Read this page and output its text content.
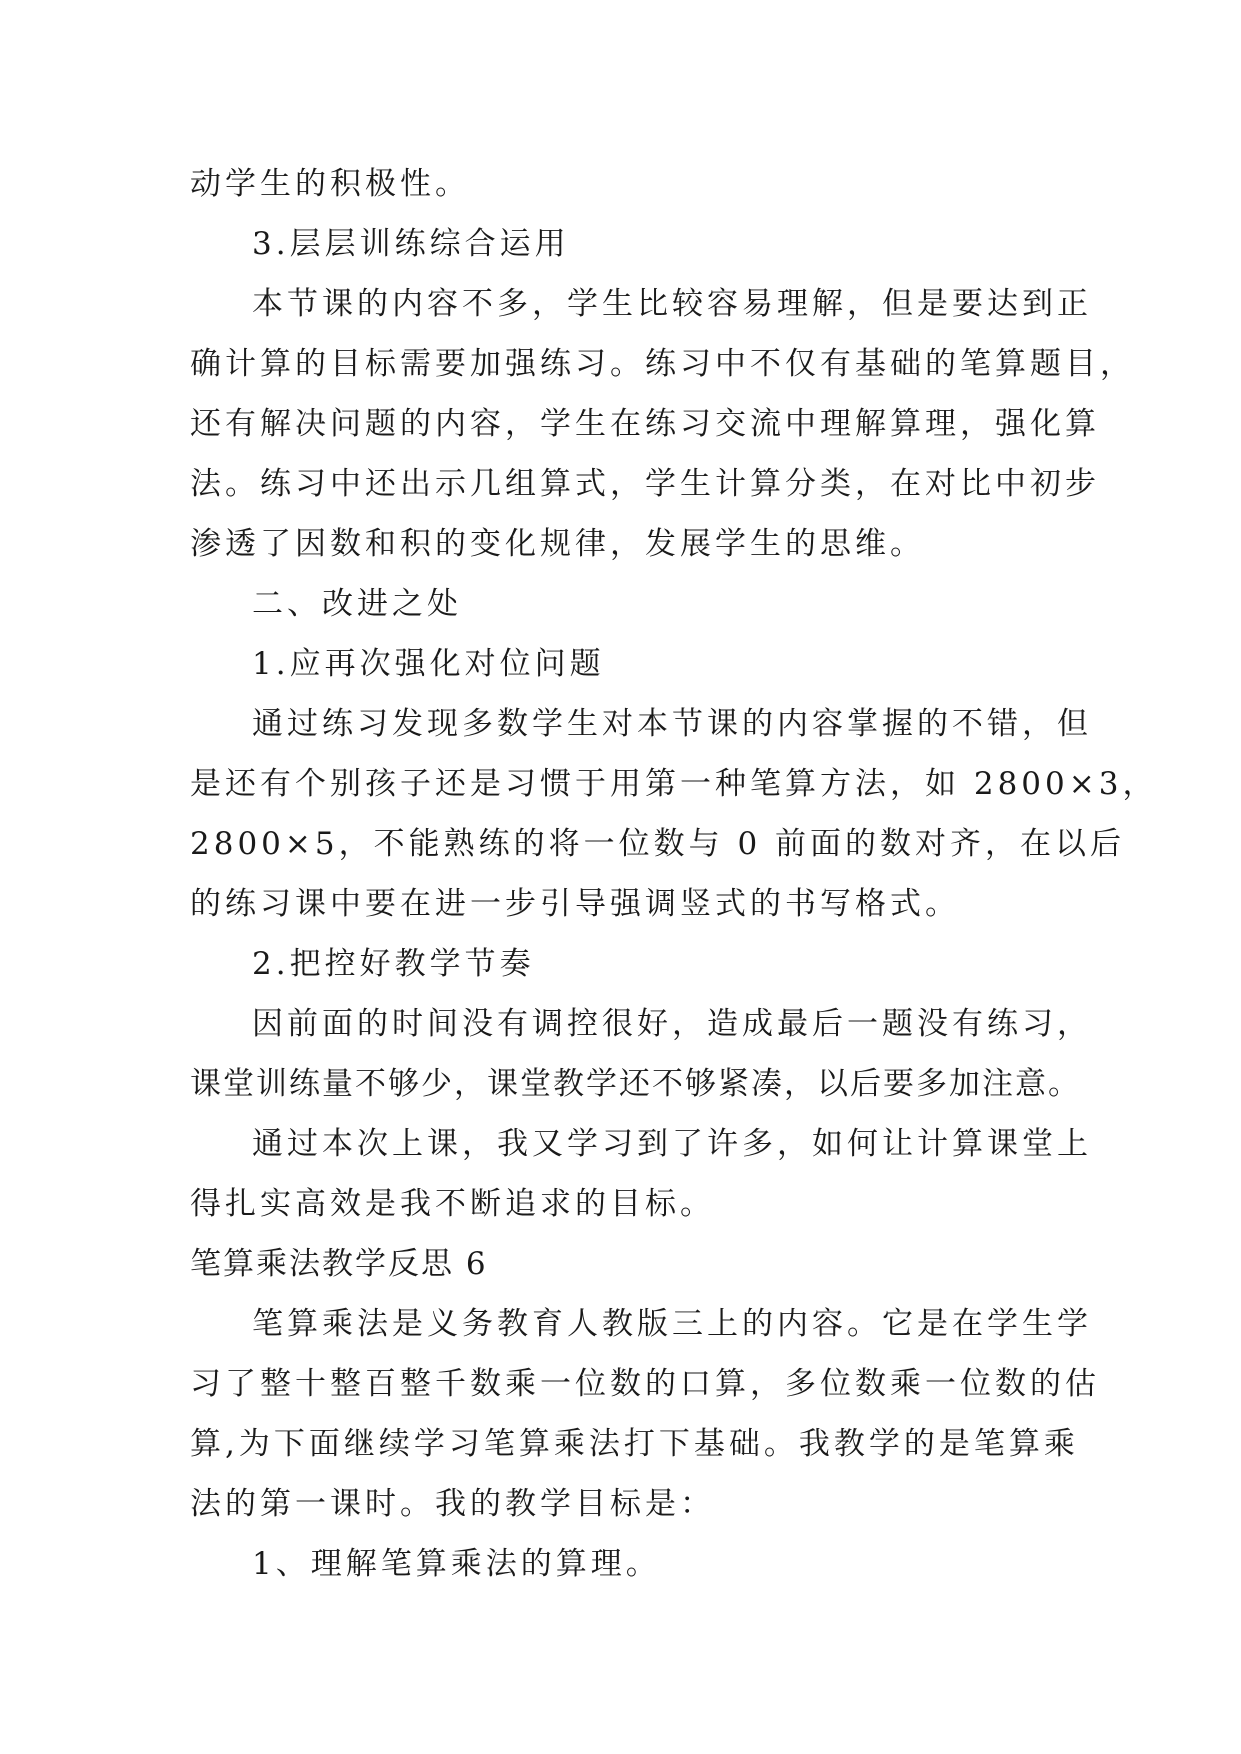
动学生的积极性。
3.层层训练综合运用
本节课的内容不多，学生比较容易理解，但是要达到正
确计算的目标需要加强练习。练习中不仅有基础的笔算题目，
还有解决问题的内容，学生在练习交流中理解算理，强化算
法。练习中还出示几组算式，学生计算分类，在对比中初步
渗透了因数和积的变化规律，发展学生的思维。
二、改进之处
1.应再次强化对位问题
通过练习发现多数学生对本节课的内容掌握的不错，但
是还有个别孩子还是习惯于用第一种笔算方法，如 2800×3，
2800×5，不能熟练的将一位数与 0 前面的数对齐，在以后
的练习课中要在进一步引导强调竖式的书写格式。
2.把控好教学节奏
因前面的时间没有调控很好，造成最后一题没有练习，
课堂训练量不够少，课堂教学还不够紧凑，以后要多加注意。
通过本次上课，我又学习到了许多，如何让计算课堂上
得扎实高效是我不断追求的目标。
笔算乘法教学反思 6
笔算乘法是义务教育人教版三上的内容。它是在学生学
习了整十整百整千数乘一位数的口算，多位数乘一位数的估
算,为下面继续学习笔算乘法打下基础。我教学的是笔算乘
法的第一课时。我的教学目标是：
1、理解笔算乘法的算理。
